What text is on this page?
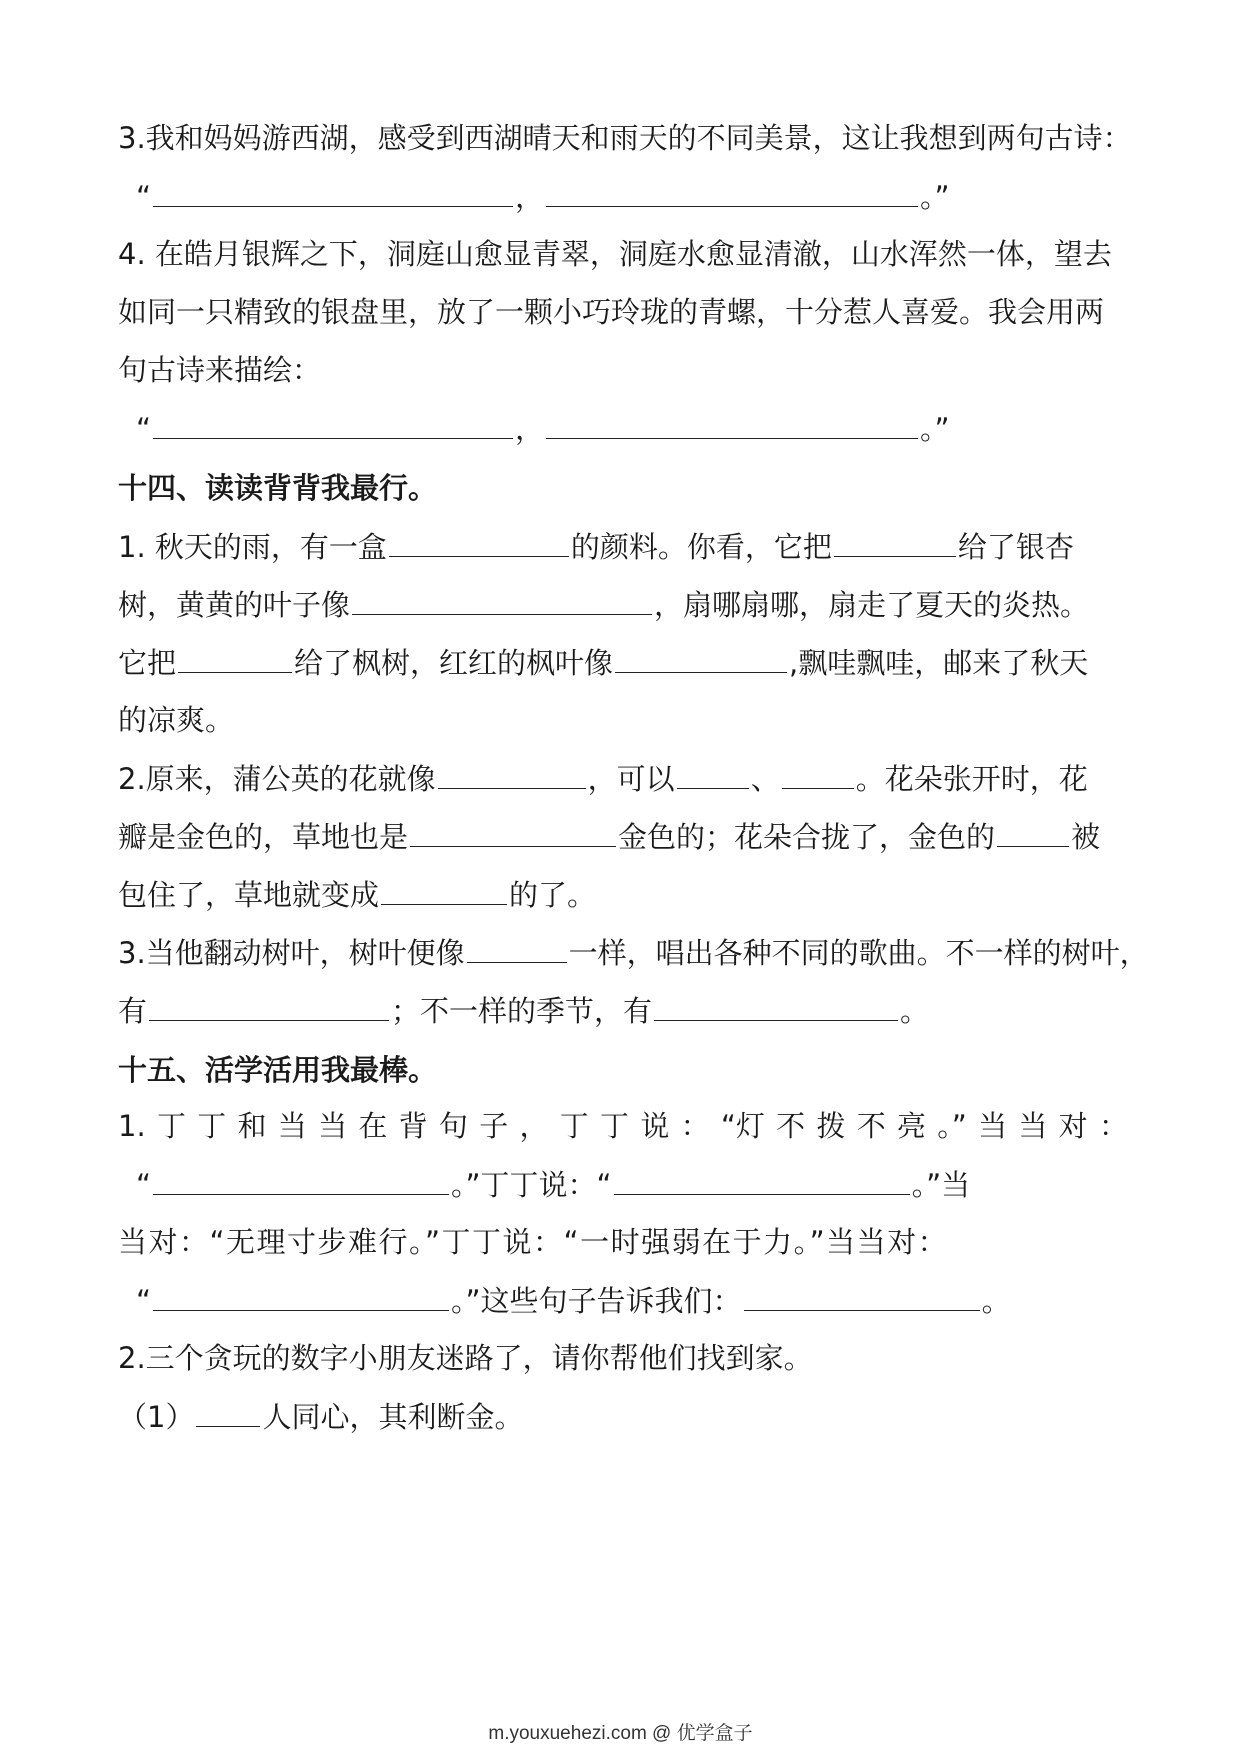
3.我和妈妈游西湖，感受到西湖晴天和雨天的不同美景，这让我想到两句古诗：
“	，	。”
4. 在皓月银辉之下，洞庭山愈显青翠，洞庭水愈显清澈，山水浑然一体，望去
如同一只精致的银盘里，放了一颗小巧玲珑的青螺，十分惹人喜爱。我会用两
句古诗来描绘：
“	，	。”
十四、读读背背我最行。
1. 秋天的雨，有一盒	的颜料。你看，它把	给了银杏
树，黄黄的叶子像	，扇哪扇哪，扇走了夏天的炎热。
它把	给了枫树，红红的枫叶像	,飘哇飘哇，邮来了秋天
的凉爽。
2.原来，蒲公英的花就像	，可以	、	。花朵张开时，花
瓣是金色的，草地也是	金色的；花朵合拢了，金色的	被
包住了，草地就变成	的了。
3.当他翻动树叶，树叶便像	一样，唱出各种不同的歌曲。不一样的树叶，
有	；不一样的季节，有	。
十五、活学活用我最棒。
1. 丁 丁 和 当 当 在 背 句 子 ， 丁 丁 说 ： “灯 不 拨 不 亮 。” 当 当 对 ：
“	。”丁丁说：“	。”当
当对：“无理寸步难行。”丁丁说：“一时强弱在于力。”当当对：
“	。”这些句子告诉我们：	。
2.三个贪玩的数字小朋友迷路了，请你帮他们找到家。
（1） 人同心，其利断金。
m.youxuehezi.com @ 优学盒子
